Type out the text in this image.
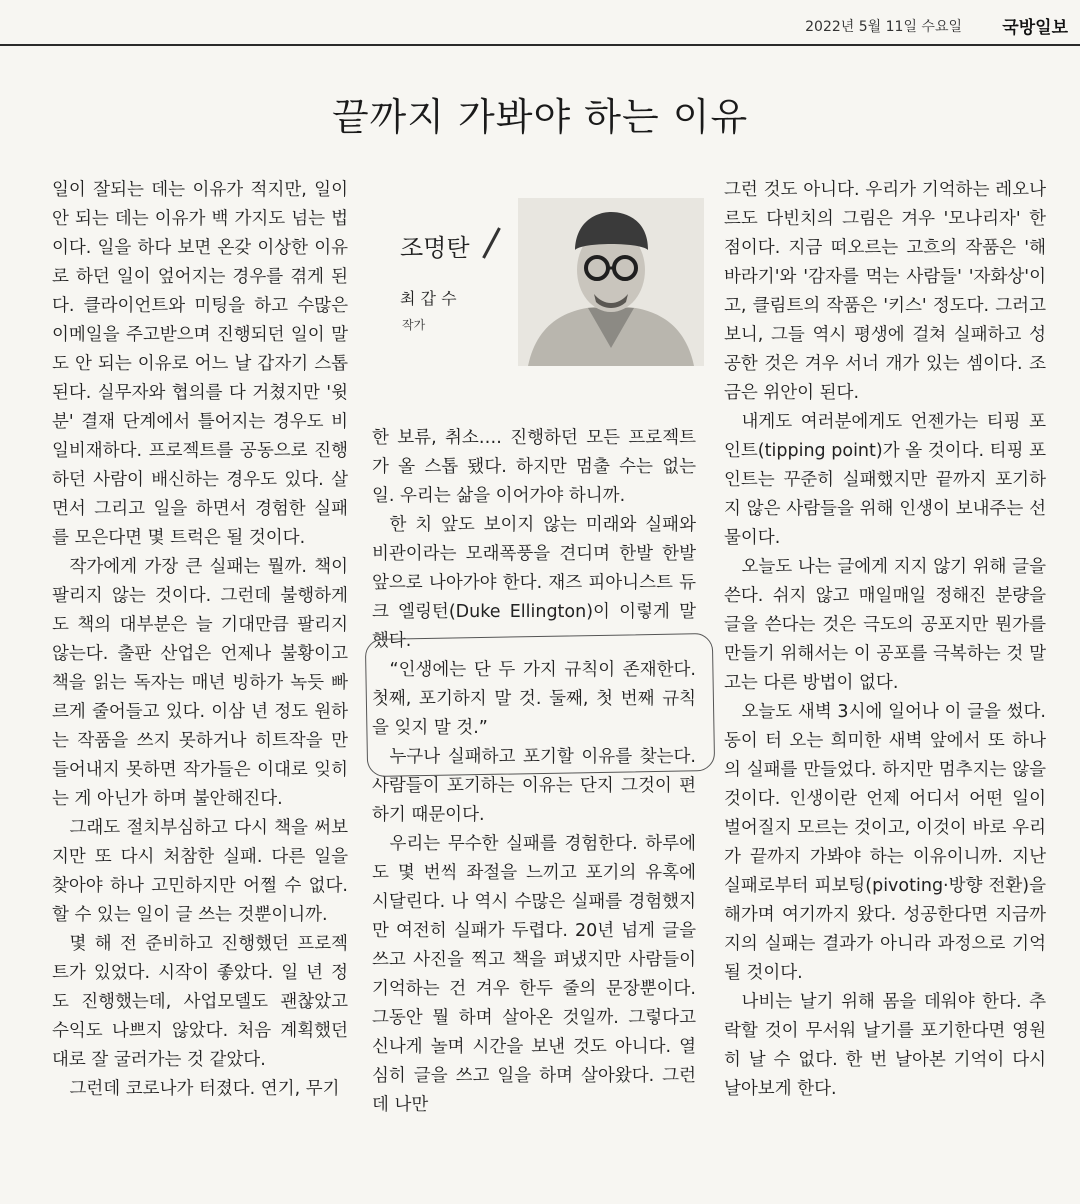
2022년 5월 11일 수요일 국방일보
끝까지 가봐야 하는 이유
조명탄
최 갑 수
작가

일이 잘되는 데는 이유가 적지만, 일이 안 되는 데는 이유가 백 가지도 넘는 법이다. 일을 하다 보면 온갖 이상한 이유로 하던 일이 엎어지는 경우를 겪게 된다. 클라이언트와 미팅을 하고 수많은 이메일을 주고받으며 진행되던 일이 말도 안 되는 이유로 어느 날 갑자기 스톱된다. 실무자와 협의를 다 거쳤지만 '윗분' 결재 단계에서 틀어지는 경우도 비일비재하다. 프로젝트를 공동으로 진행하던 사람이 배신하는 경우도 있다. 살면서 그리고 일을 하면서 경험한 실패를 모은다면 몇 트럭은 될 것이다.

작가에게 가장 큰 실패는 뭘까. 책이 팔리지 않는 것이다. 그런데 불행하게도 책의 대부분은 늘 기대만큼 팔리지 않는다. 출판 산업은 언제나 불황이고 책을 읽는 독자는 매년 빙하가 녹듯 빠르게 줄어들고 있다. 이삼 년 정도 원하는 작품을 쓰지 못하거나 히트작을 만들어내지 못하면 작가들은 이대로 잊히는 게 아닌가 하며 불안해진다.

그래도 절치부심하고 다시 책을 써보지만 또 다시 처참한 실패. 다른 일을 찾아야 하나 고민하지만 어쩔 수 없다. 할 수 있는 일이 글 쓰는 것뿐이니까.

몇 해 전 준비하고 진행했던 프로젝트가 있었다. 시작이 좋았다. 일 년 정도 진행했는데, 사업모델도 괜찮았고 수익도 나쁘지 않았다. 처음 계획했던 대로 잘 굴러가는 것 같았다.

그런데 코로나가 터졌다. 연기, 무기

한 보류, 취소…. 진행하던 모든 프로젝트가 올 스톱 됐다. 하지만 멈출 수는 없는 일. 우리는 삶을 이어가야 하니까.

한 치 앞도 보이지 않는 미래와 실패와 비관이라는 모래폭풍을 견디며 한발 한발 앞으로 나아가야 한다. 재즈 피아니스트 듀크 엘링턴(Duke Ellington)이 이렇게 말했다.

“인생에는 단 두 가지 규칙이 존재한다. 첫째, 포기하지 말 것. 둘째, 첫 번째 규칙을 잊지 말 것.”

누구나 실패하고 포기할 이유를 찾는다. 사람들이 포기하는 이유는 단지 그것이 편하기 때문이다.

우리는 무수한 실패를 경험한다. 하루에도 몇 번씩 좌절을 느끼고 포기의 유혹에 시달린다. 나 역시 수많은 실패를 경험했지만 여전히 실패가 두렵다. 20년 넘게 글을 쓰고 사진을 찍고 책을 펴냈지만 사람들이 기억하는 건 겨우 한두 줄의 문장뿐이다. 그동안 뭘 하며 살아온 것일까. 그렇다고 신나게 놀며 시간을 보낸 것도 아니다. 열심히 글을 쓰고 일을 하며 살아왔다. 그런데 나만

그런 것도 아니다. 우리가 기억하는 레오나르도 다빈치의 그림은 겨우 '모나리자' 한 점이다. 지금 떠오르는 고흐의 작품은 '해바라기'와 '감자를 먹는 사람들' '자화상'이고, 클림트의 작품은 '키스' 정도다. 그러고 보니, 그들 역시 평생에 걸쳐 실패하고 성공한 것은 겨우 서너 개가 있는 셈이다. 조금은 위안이 된다.

내게도 여러분에게도 언젠가는 티핑 포인트(tipping point)가 올 것이다. 티핑 포인트는 꾸준히 실패했지만 끝까지 포기하지 않은 사람들을 위해 인생이 보내주는 선물이다.

오늘도 나는 글에게 지지 않기 위해 글을 쓴다. 쉬지 않고 매일매일 정해진 분량을 글을 쓴다는 것은 극도의 공포지만 뭔가를 만들기 위해서는 이 공포를 극복하는 것 말고는 다른 방법이 없다.

오늘도 새벽 3시에 일어나 이 글을 썼다. 동이 터 오는 희미한 새벽 앞에서 또 하나의 실패를 만들었다. 하지만 멈추지는 않을 것이다. 인생이란 언제 어디서 어떤 일이 벌어질지 모르는 것이고, 이것이 바로 우리가 끝까지 가봐야 하는 이유이니까. 지난 실패로부터 피보팅(pivoting·방향 전환)을 해가며 여기까지 왔다. 성공한다면 지금까지의 실패는 결과가 아니라 과정으로 기억될 것이다.

나비는 날기 위해 몸을 데워야 한다. 추락할 것이 무서워 날기를 포기한다면 영원히 날 수 없다. 한 번 날아본 기억이 다시 날아보게 한다.
